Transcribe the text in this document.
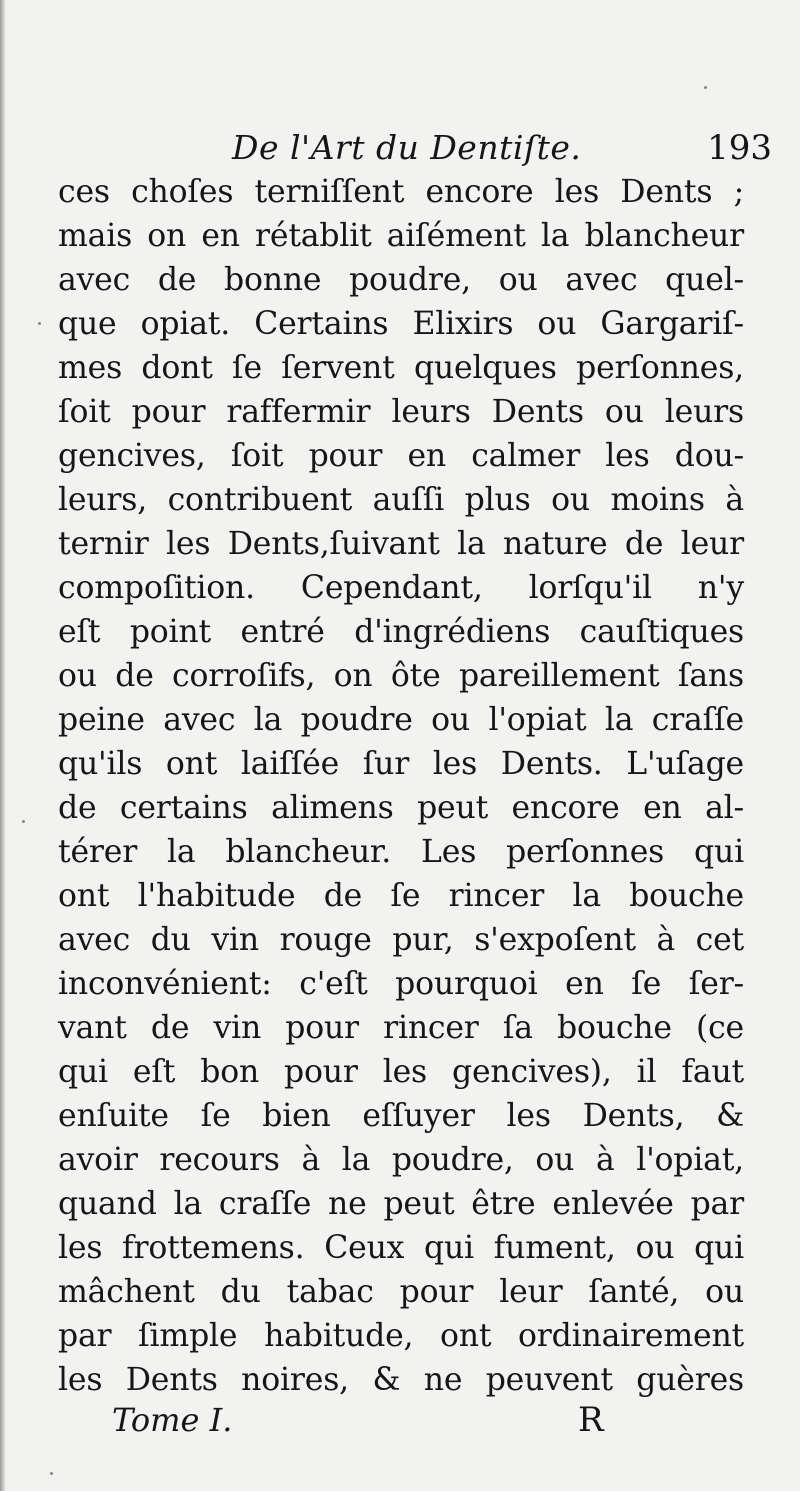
De l'Art du Dentiſte.	193
ces choſes terniſſent encore les Dents ;
mais on en rétablit aiſément la blancheur
avec de bonne poudre, ou avec quel-
que opiat. Certains Elixirs ou Gargariſ-
mes dont ſe ſervent quelques perſonnes,
ſoit pour raffermir leurs Dents ou leurs
gencives, ſoit pour en calmer les dou-
leurs, contribuent auſſi plus ou moins à
ternir les Dents,ſuivant la nature de leur
compoſition. Cependant, lorſqu'il n'y
eſt point entré d'ingrédiens cauſtiques
ou de corroſifs, on ôte pareillement ſans
peine avec la poudre ou l'opiat la craſſe
qu'ils ont laiſſée ſur les Dents. L'uſage
de certains alimens peut encore en al-
térer la blancheur. Les perſonnes qui
ont l'habitude de ſe rincer la bouche
avec du vin rouge pur, s'expoſent à cet
inconvénient: c'eſt pourquoi en ſe ſer-
vant de vin pour rincer ſa bouche (ce
qui eſt bon pour les gencives), il faut
enſuite ſe bien eſſuyer les Dents, &
avoir recours à la poudre, ou à l'opiat,
quand la craſſe ne peut être enlevée par
les frottemens. Ceux qui fument, ou qui
mâchent du tabac pour leur ſanté, ou
par ſimple habitude, ont ordinairement
les Dents noires, & ne peuvent guères
Tome I.	R
